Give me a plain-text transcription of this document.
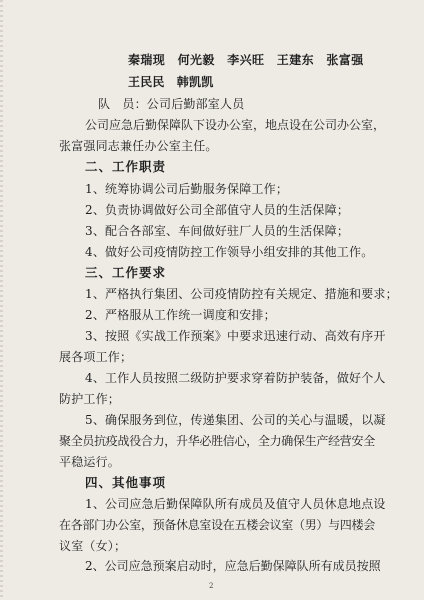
秦瑞现　何光毅　李兴旺　王建东　张富强
王民民　韩凯凯
队　员：公司后勤部室人员
公司应急后勤保障队下设办公室，地点设在公司办公室，
张富强同志兼任办公室主任。
二、工作职责
1、统筹协调公司后勤服务保障工作；
2、负责协调做好公司全部值守人员的生活保障；
3、配合各部室、车间做好驻厂人员的生活保障；
4、做好公司疫情防控工作领导小组安排的其他工作。
三、工作要求
1、严格执行集团、公司疫情防控有关规定、措施和要求；
2、严格服从工作统一调度和安排；
3、按照《实战工作预案》中要求迅速行动、高效有序开
展各项工作；
4、工作人员按照二级防护要求穿着防护装备，做好个人
防护工作；
5、确保服务到位，传递集团、公司的关心与温暖，以凝
聚全员抗疫战役合力，升华必胜信心，全力确保生产经营安全
平稳运行。
四、其他事项
1、公司应急后勤保障队所有成员及值守人员休息地点设
在各部门办公室，预备休息室设在五楼会议室（男）与四楼会
议室（女）；
2、公司应急预案启动时，应急后勤保障队所有成员按照
2
